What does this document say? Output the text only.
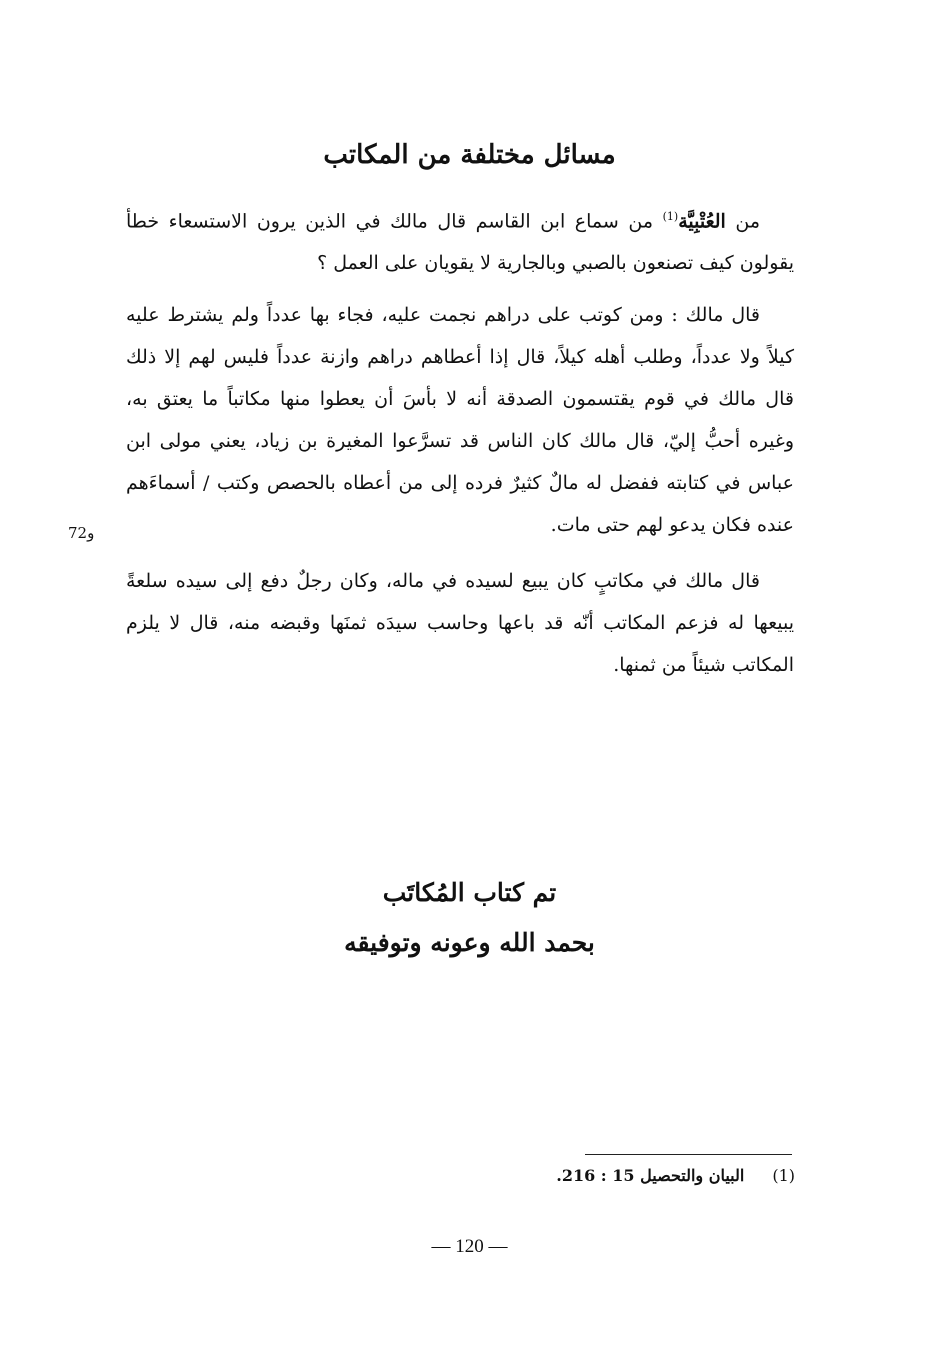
مسائل مختلفة من المكاتب

من العُتْبِيَّة$^{(1)}$ من سماع ابن القاسم قال مالك في الذين يرون الاستسعاء خطأ يقولون كيف تصنعون بالصبي وبالجارية لا يقويان على العمل ؟

قال مالك : ومن كوتب على دراهم نجمت عليه، فجاء بها عدداً ولم يشترط عليه كيلاً ولا عدداً، وطلب أهله كيلاً، قال إذا أعطاهم دراهم وازنة عدداً فليس لهم إلا ذلك قال مالك في قوم يقتسمون الصدقة أنه لا بأسَ أن يعطوا منها مكاتباً ما يعتق به، وغيره أحبُّ إليّ، قال مالك كان الناس قد تسرَّعوا المغيرة بن زياد، يعني مولى ابن عباس في كتابته ففضل له مالٌ كثيرٌ فرده إلى من أعطاه بالحصص وكتب / أسماءَهم عنده فكان يدعو لهم حتى مات.

72و

قال مالك في مكاتبٍ كان يبيع لسيده في ماله، وكان رجلٌ دفع إلى سيده سلعةً يبيعها له فزعم المكاتب أنّه قد باعها وحاسب سيدَه ثمنَها وقبضه منه، قال لا يلزم المكاتب شيئاً من ثمنها.

تم كتاب المُكاتَب
بحمد الله وعونه وتوفيقه
(1)البيان والتحصيل 15 : 216.
— 120 —
